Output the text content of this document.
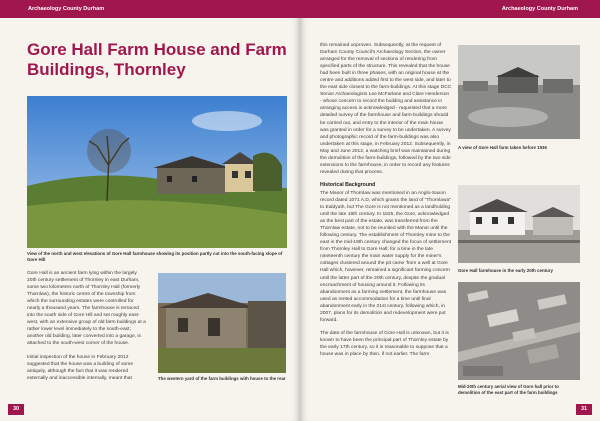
Archaeology County Durham
Gore Hall Farm House and Farm Buildings, Thornley
View of the north and west elevations of Gore Hall farmhouse showing its position partly cut into the south-facing slope of Gore Hill

Gore Hall is an ancient farm lying within the largely 20th century settlement of Thornley in east Durham, some two kilometres north of Thornley Hall (formerly Thornlaw), the historic centre of the township from which the surrounding estates were controlled for nearly a thousand years. The farmhouse is terraced into the south side of Gore Hill and set roughly east-west, with an extensive group of old farm buildings at a rather lower level immediately to the south-east; another old building, later converted into a garage, is attached to the south-west corner of the house.

Initial inspection of the house in February 2012 suggested that the house was a building of some antiquity, although the fact that it was rendered externally and inaccessible internally, meant that	The western yard of the farm buildings with house to the rear
30
Archaeology County Durham

this remained unproven. Subsequently, at the request of Durham County Council's Archaeology Section, the owner arranged for the removal of sections of rendering from specified parts of the structure. This revealed that the house had been built in three phases, with an original house at the centre and additions added first to the west side, and later to the east side closest to the farm-buildings. At this stage DCC Senior Archaeologists Lee McFarlane and Clare Henderson - whose concern to record the building and assistance in arranging access is acknowledged - requested that a more detailed survey of the farmhouse and farm-buildings should be carried out, and entry to the interior of the main house was granted in order for a survey to be undertaken. A survey and photographic record of the farm-buildings was also undertaken at this stage, in February 2012. Subsequently, in May and June 2012, a watching brief was maintained during the demolition of the farm-buildings, followed by the two side extensions to the farmhouse, in order to record any features revealed during that process.

Historical Background

The Manor of Thornlaw was mentioned in an Anglo-Saxon record dated 1071 A.D, which grants the land of "Thornlawa" to Ealdyuth, but The Gore is not mentioned as a landholding until the late 16th century. In 1625, the Gore, acknowledged as the best part of the estate, was transferred from the Thornlaw estate, not to be reunited with the Manor until the following century. The establishment of Thornley mine to the east in the mid-19th century changed the focus of settlement from Thornley Hall to Gore Hall; for a time in the late nineteenth century the main water supply for the miner's cottages clustered around the pit came 'from a well at Gore Hall which, however, remained a significant farming concern until the latter part of the 20th century, despite the gradual encroachment of housing around it. Following its abandonment as a farming settlement, the farmhouse was used as rented accommodation for a time until final abandonment early in the 21st century, following which, in 2007, plans for its demolition and redevelopment were put forward.

The date of the farmhouse of Gore Hall is unknown, but it is known to have been the principal part of Thornley estate by the early 17th century, so it is reasonable to suppose that a house was in place by then, if not earlier. The farm

A view of Gore Hall farm taken before 1936
Gore Hall farmhouse in the early 20th century
Mid-20th century aerial view of Gore hall prior to demolition of the east part of the farm buildings
31
